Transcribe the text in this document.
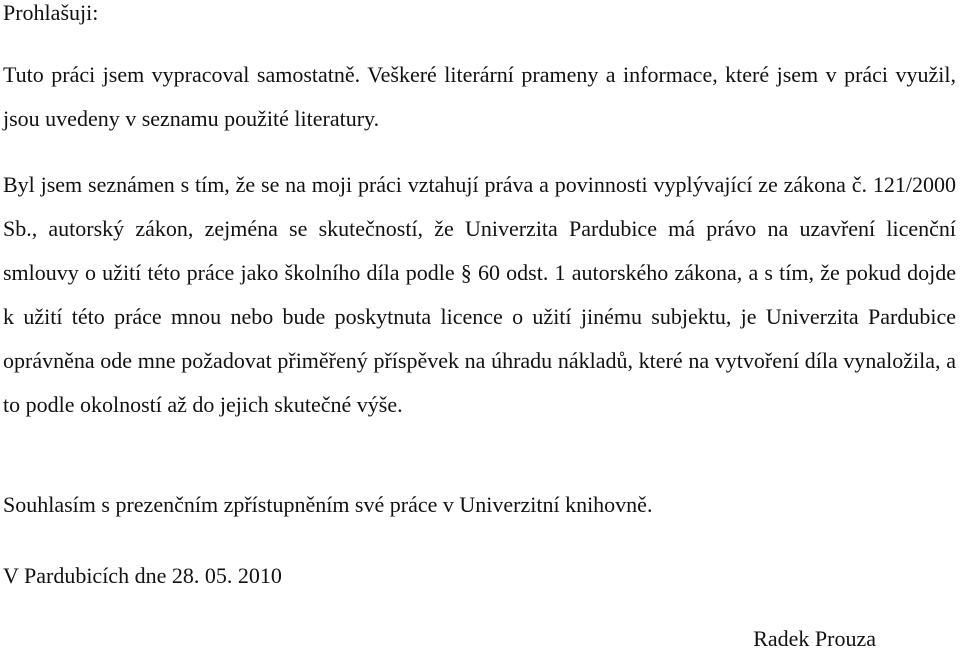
Prohlašuji:

Tuto práci jsem vypracoval samostatně. Veškeré literární prameny a informace, které jsem v práci využil, jsou uvedeny v seznamu použité literatury.

Byl jsem seznámen s tím, že se na moji práci vztahují práva a povinnosti vyplývající ze zákona č. 121/2000 Sb., autorský zákon, zejména se skutečností, že Univerzita Pardubice má právo na uzavření licenční smlouvy o užití této práce jako školního díla podle § 60 odst. 1 autorského zákona, a s tím, že pokud dojde k užití této práce mnou nebo bude poskytnuta licence o užití jinému subjektu, je Univerzita Pardubice oprávněna ode mne požadovat přiměřený příspěvek na úhradu nákladů, které na vytvoření díla vynaložila, a to podle okolností až do jejich skutečné výše.

Souhlasím s prezenčním zpřístupněním své práce v Univerzitní knihovně.

V Pardubicích dne 28. 05. 2010
Radek Prouza
